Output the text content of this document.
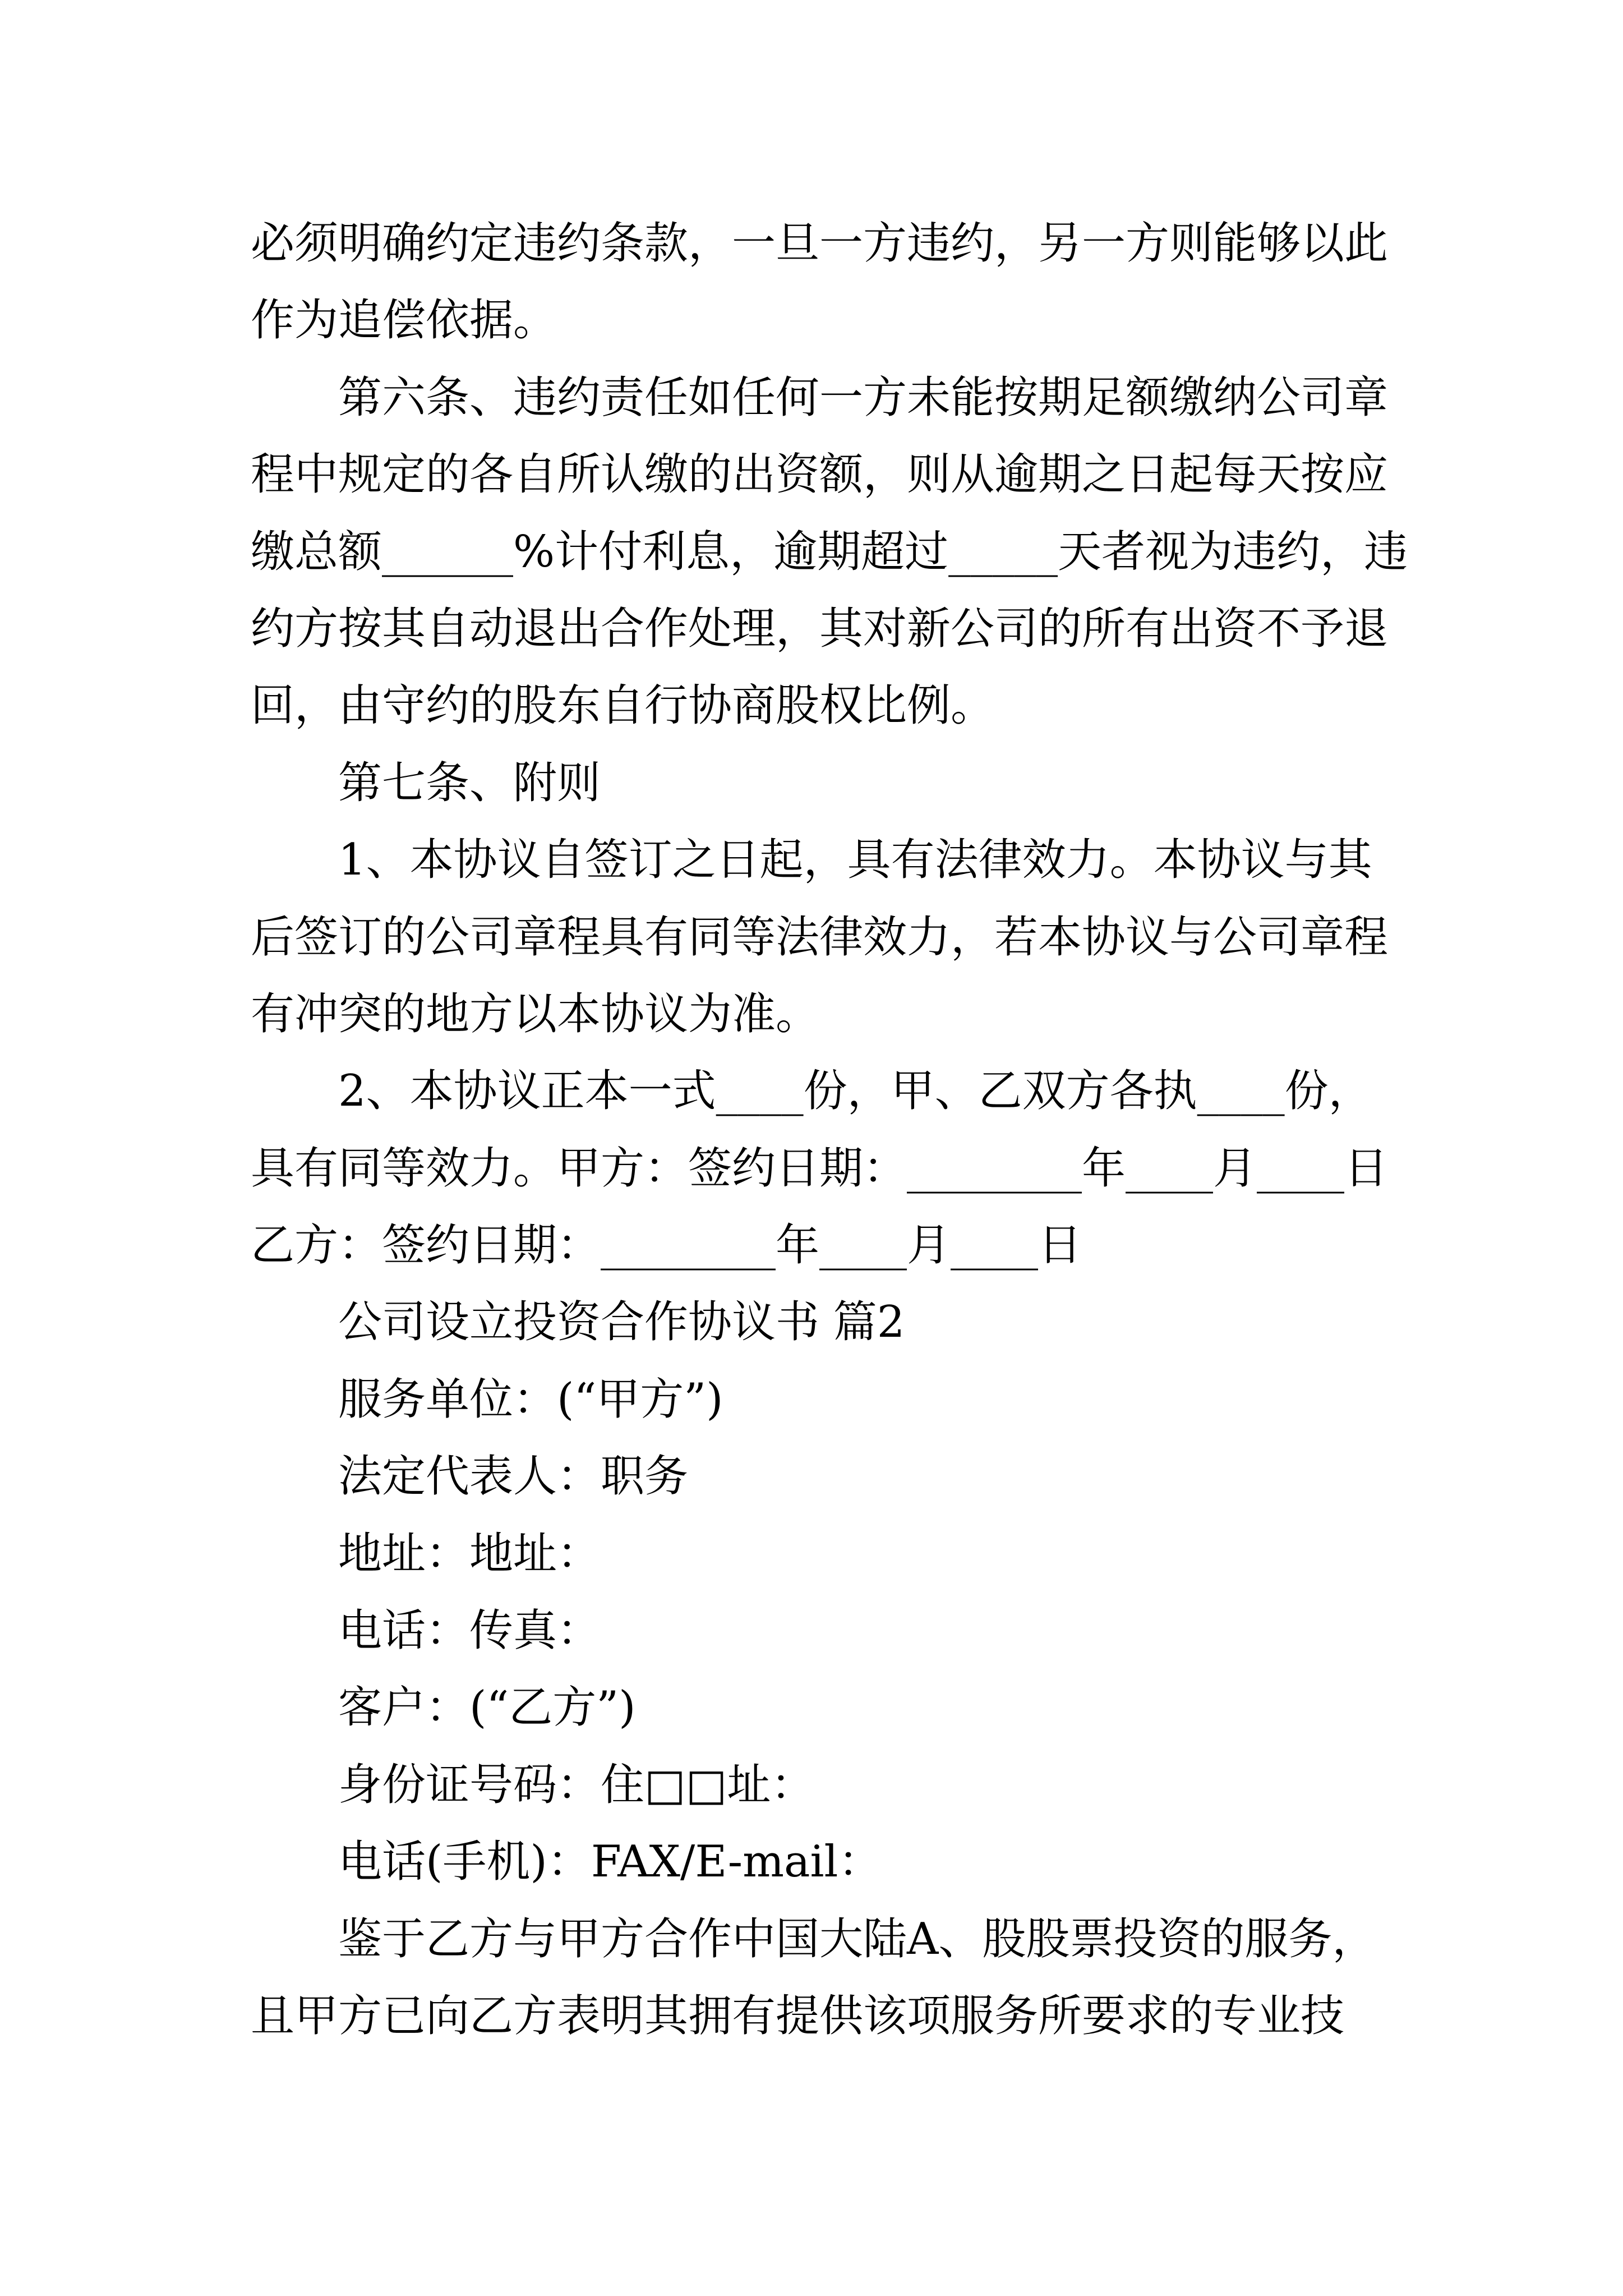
必须明确约定违约条款，一旦一方违约，另一方则能够以此
作为追偿依据。
第六条、违约责任如任何一方未能按期足额缴纳公司章
程中规定的各自所认缴的出资额，则从逾期之日起每天按应
缴总额______%计付利息，逾期超过_____天者视为违约，违
约方按其自动退出合作处理，其对新公司的所有出资不予退
回，由守约的股东自行协商股权比例。
第七条、附则
1、本协议自签订之日起，具有法律效力。本协议与其
后签订的公司章程具有同等法律效力，若本协议与公司章程
有冲突的地方以本协议为准。
2、本协议正本一式____份，甲、乙双方各执____份，
具有同等效力。甲方：签约日期：________年____月____日
乙方：签约日期：________年____月____日
公司设立投资合作协议书 篇2
服务单位：(“甲方”)
法定代表人：职务
地址：地址：
电话：传真：
客户：(“乙方”)
身份证号码：住□□址：
电话(手机)：FAX/E-mail：
鉴于乙方与甲方合作中国大陆A、股股票投资的服务，
且甲方已向乙方表明其拥有提供该项服务所要求的专业技
